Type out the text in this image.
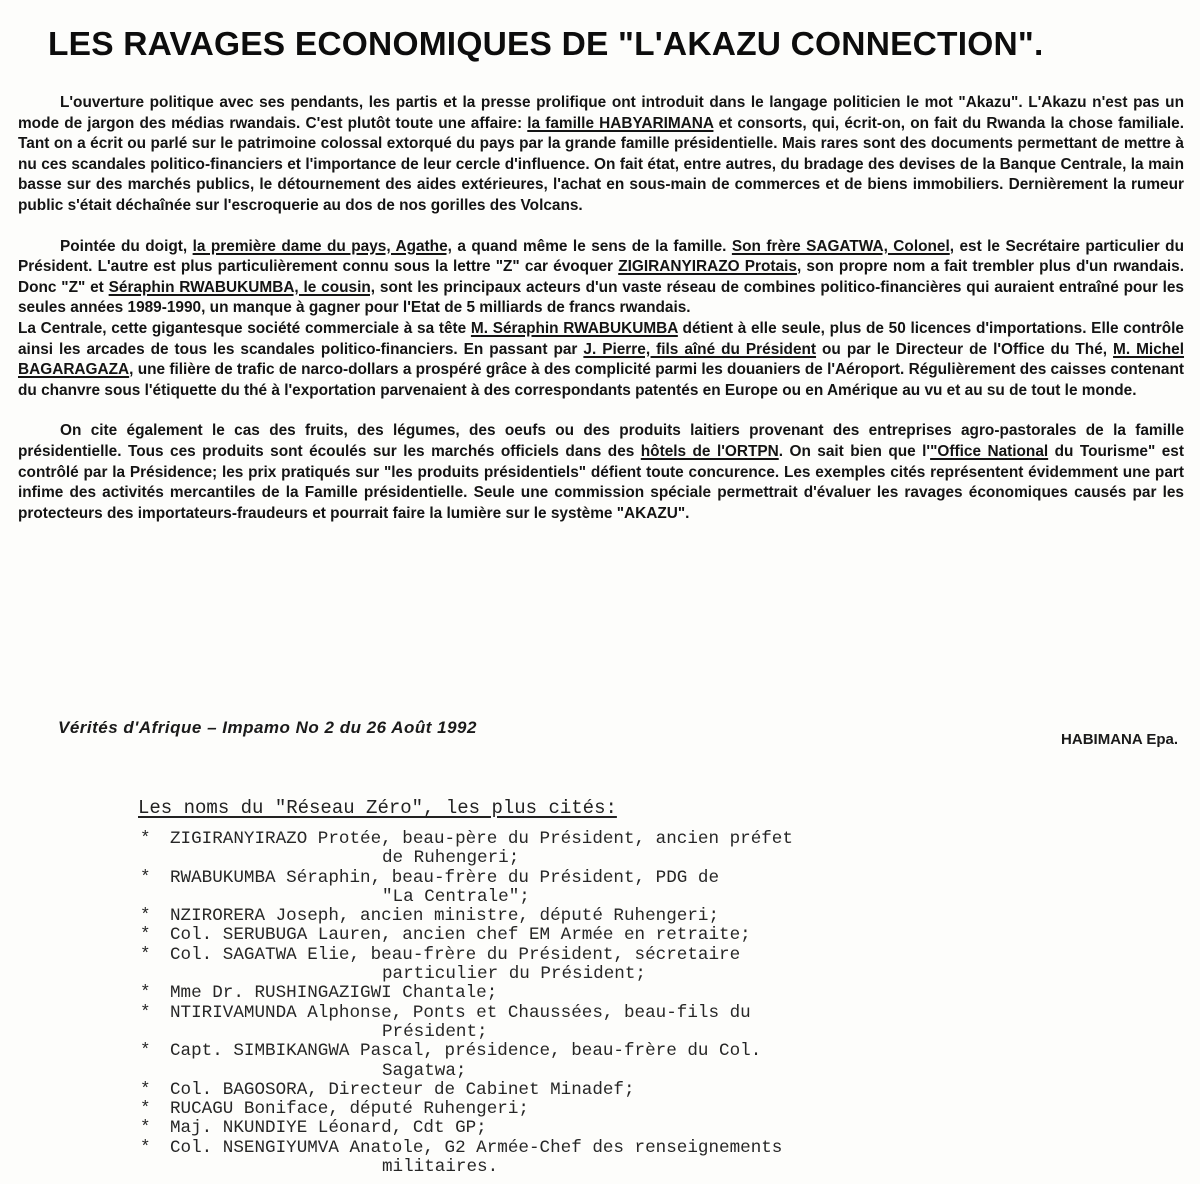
LES RAVAGES ECONOMIQUES DE "L'AKAZU CONNECTION".

L'ouverture politique avec ses pendants, les partis et la presse prolifique ont introduit dans le langage politicien le mot "Akazu". L'Akazu n'est pas un mode de jargon des médias rwandais. C'est plutôt toute une affaire: la famille HABYARIMANA et consorts, qui, écrit-on, on fait du Rwanda la chose familiale. Tant on a écrit ou parlé sur le patrimoine colossal extorqué du pays par la grande famille présidentielle. Mais rares sont des documents permettant de mettre à nu ces scandales politico-financiers et l'importance de leur cercle d'influence. On fait état, entre autres, du bradage des devises de la Banque Centrale, la main basse sur des marchés publics, le détournement des aides extérieures, l'achat en sous-main de commerces et de biens immobiliers. Dernièrement la rumeur public s'était déchaînée sur l'escroquerie au dos de nos gorilles des Volcans.

Pointée du doigt, la première dame du pays, Agathe, a quand même le sens de la famille. Son frère SAGATWA, Colonel, est le Secrétaire particulier du Président. L'autre est plus particulièrement connu sous la lettre "Z" car évoquer ZIGIRANYIRAZO Protais, son propre nom a fait trembler plus d'un rwandais. Donc "Z" et Séraphin RWABUKUMBA, le cousin, sont les principaux acteurs d'un vaste réseau de combines politico-financières qui auraient entraîné pour les seules années 1989-1990, un manque à gagner pour l'Etat de 5 milliards de francs rwandais.

La Centrale, cette gigantesque société commerciale à sa tête M. Séraphin RWABUKUMBA détient à elle seule, plus de 50 licences d'importations. Elle contrôle ainsi les arcades de tous les scandales politico-financiers. En passant par J. Pierre, fils aîné du Président ou par le Directeur de l'Office du Thé, M. Michel BAGARAGAZA, une filière de trafic de narco-dollars a prospéré grâce à des complicité parmi les douaniers de l'Aéroport. Régulièrement des caisses contenant du chanvre sous l'étiquette du thé à l'exportation parvenaient à des correspondants patentés en Europe ou en Amérique au vu et au su de tout le monde.

On cite également le cas des fruits, des légumes, des oeufs ou des produits laitiers provenant des entreprises agro-pastorales de la famille présidentielle. Tous ces produits sont écoulés sur les marchés officiels dans des hôtels de l'ORTPN. On sait bien que l'"Office National du Tourisme" est contrôlé par la Présidence; les prix pratiqués sur "les produits présidentiels" défient toute concurence. Les exemples cités représentent évidemment une part infime des activités mercantiles de la Famille présidentielle. Seule une commission spéciale permettrait d'évaluer les ravages économiques causés par les protecteurs des importateurs-fraudeurs et pourrait faire la lumière sur le système "AKAZU".

Vérités d'Afrique – Impamo No 2 du 26 Août 1992
HABIMANA Epa.
Les noms du "Réseau Zéro", les plus cités:
*	ZIGIRANYIRAZO Protée, beau-père du Président, ancien préfet
de Ruhengeri;
*	RWABUKUMBA Séraphin, beau-frère du Président, PDG de
"La Centrale";
*	NZIRORERA Joseph, ancien ministre, député Ruhengeri;
*	Col. SERUBUGA Lauren, ancien chef EM Armée en retraite;
*	Col. SAGATWA Elie, beau-frère du Président, sécretaire
particulier du Président;
*	Mme Dr. RUSHINGAZIGWI Chantale;
*	NTIRIVAMUNDA Alphonse, Ponts et Chaussées, beau-fils du
Président;
*	Capt. SIMBIKANGWA Pascal, présidence, beau-frère du Col.
Sagatwa;
*	Col. BAGOSORA, Directeur de Cabinet Minadef;
*	RUCAGU Boniface, député Ruhengeri;
*	Maj. NKUNDIYE Léonard, Cdt GP;
*	Col. NSENGIYUMVA Anatole, G2 Armée-Chef des renseignements
militaires.
